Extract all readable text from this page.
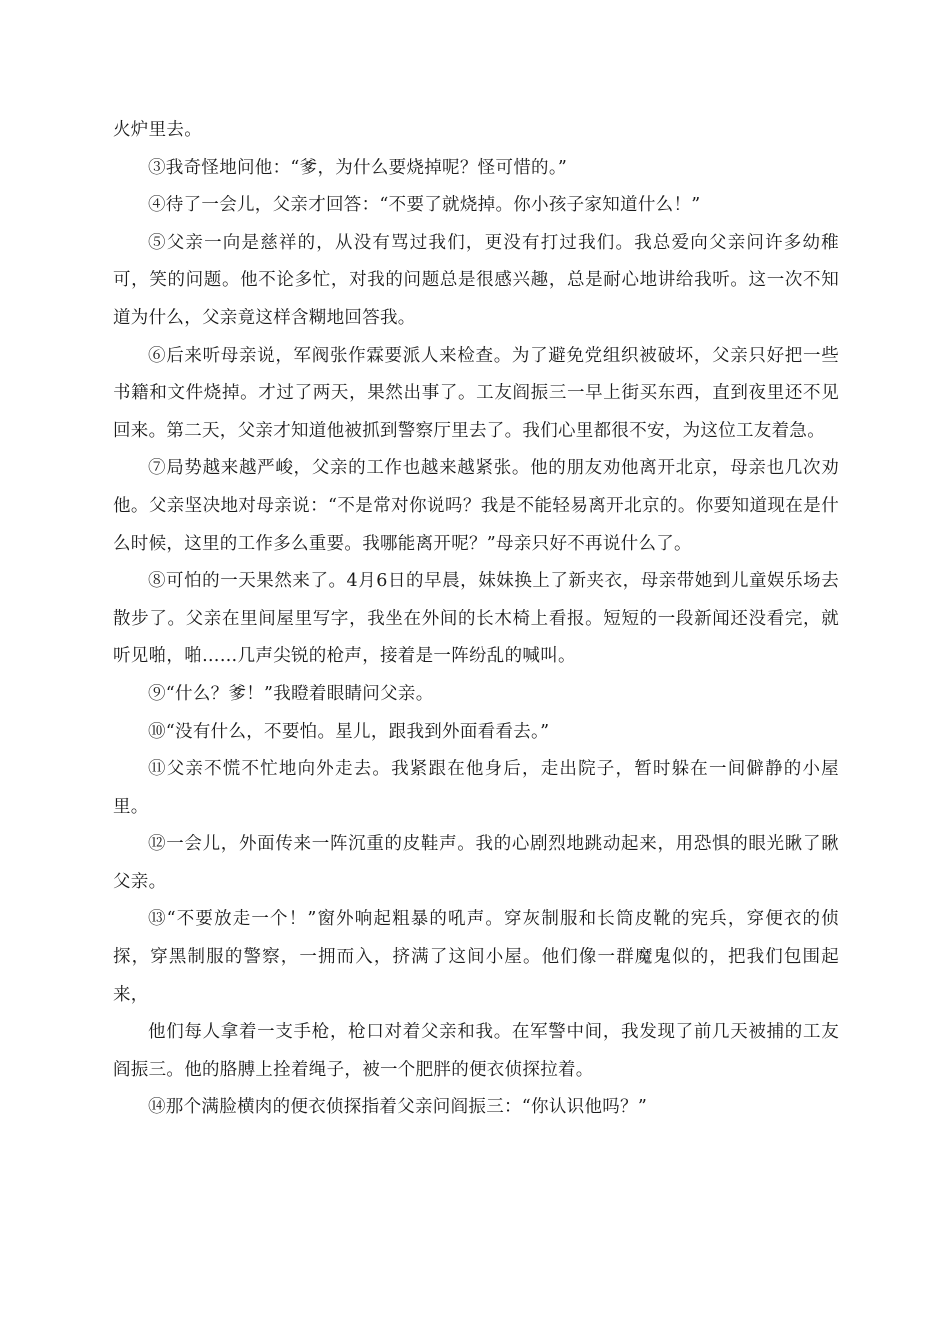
火炉里去。

③我奇怪地问他：“爹，为什么要烧掉呢？怪可惜的。”

④待了一会儿，父亲才回答：“不要了就烧掉。你小孩子家知道什么！”

⑤父亲一向是慈祥的，从没有骂过我们，更没有打过我们。我总爱向父亲问许多幼稚可，笑的问题。他不论多忙，对我的问题总是很感兴趣，总是耐心地讲给我听。这一次不知道为什么，父亲竟这样含糊地回答我。

⑥后来听母亲说，军阀张作霖要派人来检查。为了避免党组织被破坏，父亲只好把一些书籍和文件烧掉。才过了两天，果然出事了。工友阎振三一早上街买东西，直到夜里还不见回来。第二天，父亲才知道他被抓到警察厅里去了。我们心里都很不安，为这位工友着急。

⑦局势越来越严峻，父亲的工作也越来越紧张。他的朋友劝他离开北京，母亲也几次劝他。父亲坚决地对母亲说：“不是常对你说吗？我是不能轻易离开北京的。你要知道现在是什么时候，这里的工作多么重要。我哪能离开呢？”母亲只好不再说什么了。

⑧可怕的一天果然来了。4月6日的早晨，妹妹换上了新夹衣，母亲带她到儿童娱乐场去散步了。父亲在里间屋里写字，我坐在外间的长木椅上看报。短短的一段新闻还没看完，就听见啪，啪……几声尖锐的枪声，接着是一阵纷乱的喊叫。

⑨“什么？爹！”我瞪着眼睛问父亲。

⑩“没有什么，不要怕。星儿，跟我到外面看看去。”

⑪父亲不慌不忙地向外走去。我紧跟在他身后，走出院子，暂时躲在一间僻静的小屋里。

⑫一会儿，外面传来一阵沉重的皮鞋声。我的心剧烈地跳动起来，用恐惧的眼光瞅了瞅父亲。

⑬“不要放走一个！”窗外响起粗暴的吼声。穿灰制服和长筒皮靴的宪兵，穿便衣的侦探，穿黑制服的警察，一拥而入，挤满了这间小屋。他们像一群魔鬼似的，把我们包围起来，

他们每人拿着一支手枪，枪口对着父亲和我。在军警中间，我发现了前几天被捕的工友阎振三。他的胳膊上拴着绳子，被一个肥胖的便衣侦探拉着。

⑭那个满脸横肉的便衣侦探指着父亲问阎振三：“你认识他吗？”
